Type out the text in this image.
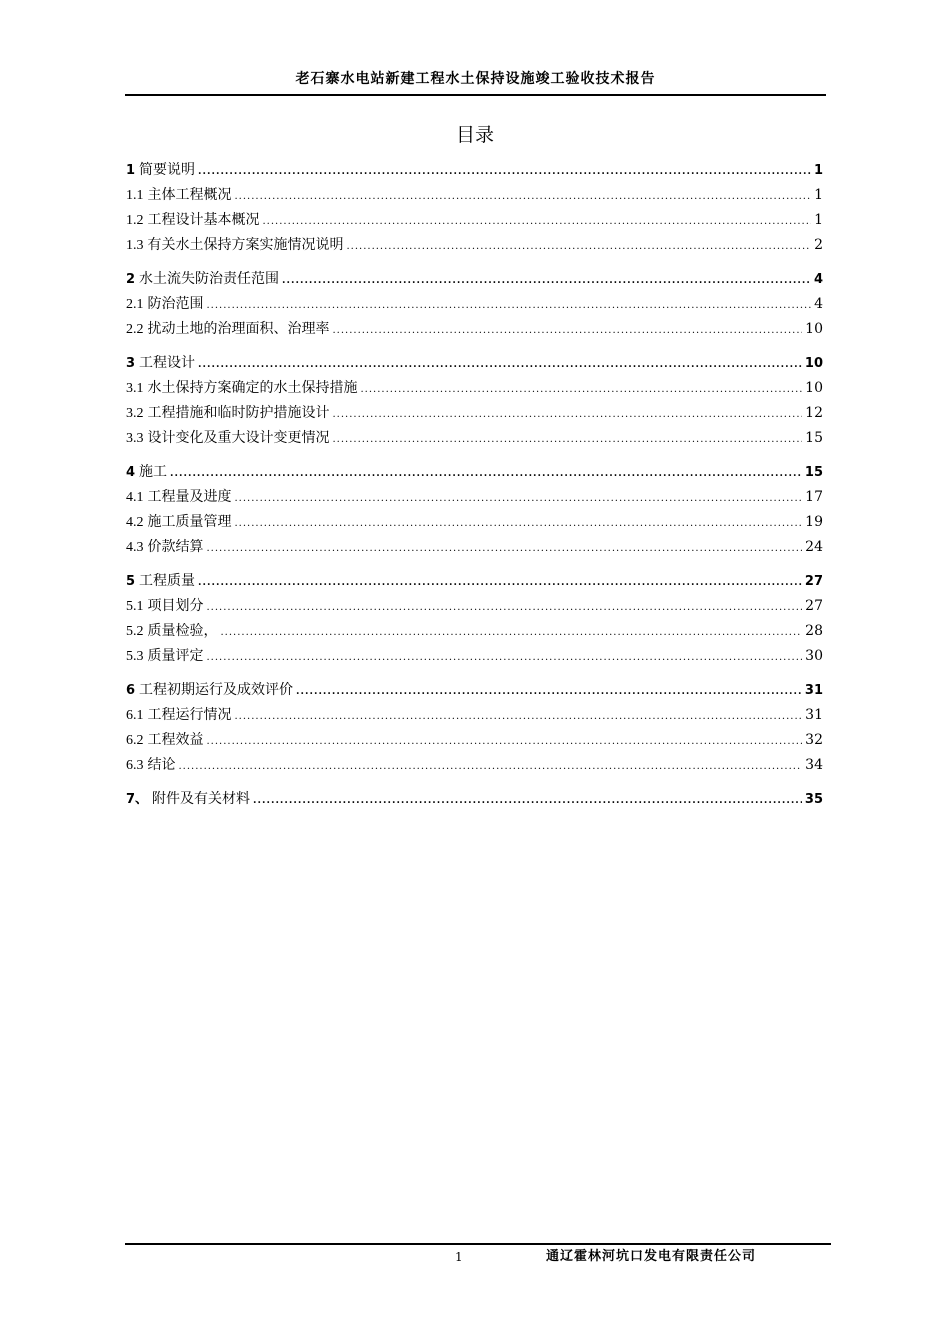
老石寨水电站新建工程水土保持设施竣工验收技术报告
目录
1 简要说明 .....	1
1.1 主体工程概况 .....	1
1.2 工程设计基本概况 .....	1
1.3 有关水土保持方案实施情况说明 .....	2
2 水土流失防治责任范围 .....	4
2.1 防治范围 .....	4
2.2 扰动土地的治理面积、治理率 .....	10
3 工程设计 .....	10
3.1 水土保持方案确定的水土保持措施 .....	10
3.2 工程措施和临时防护措施设计 .....	12
3.3 设计变化及重大设计变更情况 .....	15
4 施工 .....	15
4.1 工程量及进度 .....	17
4.2 施工质量管理 .....	19
4.3 价款结算 .....	24
5 工程质量 .....	27
5.1 项目划分 .....	27
5.2 质量检验， .....	28
5.3 质量评定 .....	30
6 工程初期运行及成效评价 .....	31
6.1 工程运行情况 .....	31
6.2 工程效益 .....	32
6.3 结论 .....	34
7、 附件及有关材料 .....	35
1	通辽霍林河坑口发电有限责任公司
